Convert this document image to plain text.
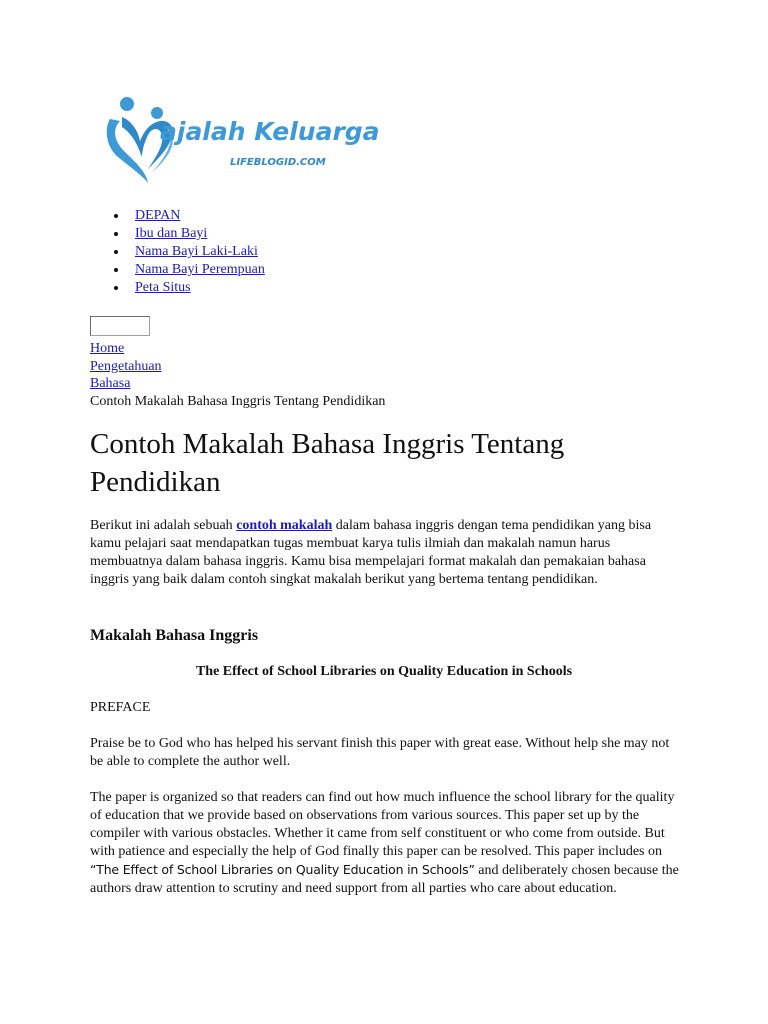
ajalah Keluarga
LIFEBLOGID.COM
DEPAN
Ibu dan Bayi
Nama Bayi Laki-Laki
Nama Bayi Perempuan
Peta Situs
Home
Pengetahuan
Bahasa
Contoh Makalah Bahasa Inggris Tentang Pendidikan
Contoh Makalah Bahasa Inggris Tentang Pendidikan

Berikut ini adalah sebuah contoh makalah dalam bahasa inggris dengan tema pendidikan yang bisa kamu pelajari saat mendapatkan tugas membuat karya tulis ilmiah dan makalah namun harus membuatnya dalam bahasa inggris. Kamu bisa mempelajari format makalah dan pemakaian bahasa inggris yang baik dalam contoh singkat makalah berikut yang bertema tentang pendidikan.

Makalah Bahasa Inggris

The Effect of School Libraries on Quality Education in Schools

PREFACE

Praise be to God who has helped his servant finish this paper with great ease. Without help she may not be able to complete the author well.

The paper is organized so that readers can find out how much influence the school library for the quality of education that we provide based on observations from various sources. This paper set up by the compiler with various obstacles. Whether it came from self constituent or who come from outside. But with patience and especially the help of God finally this paper can be resolved. This paper includes on “The Effect of School Libraries on Quality Education in Schools” and deliberately chosen because the authors draw attention to scrutiny and need support from all parties who care about education.
